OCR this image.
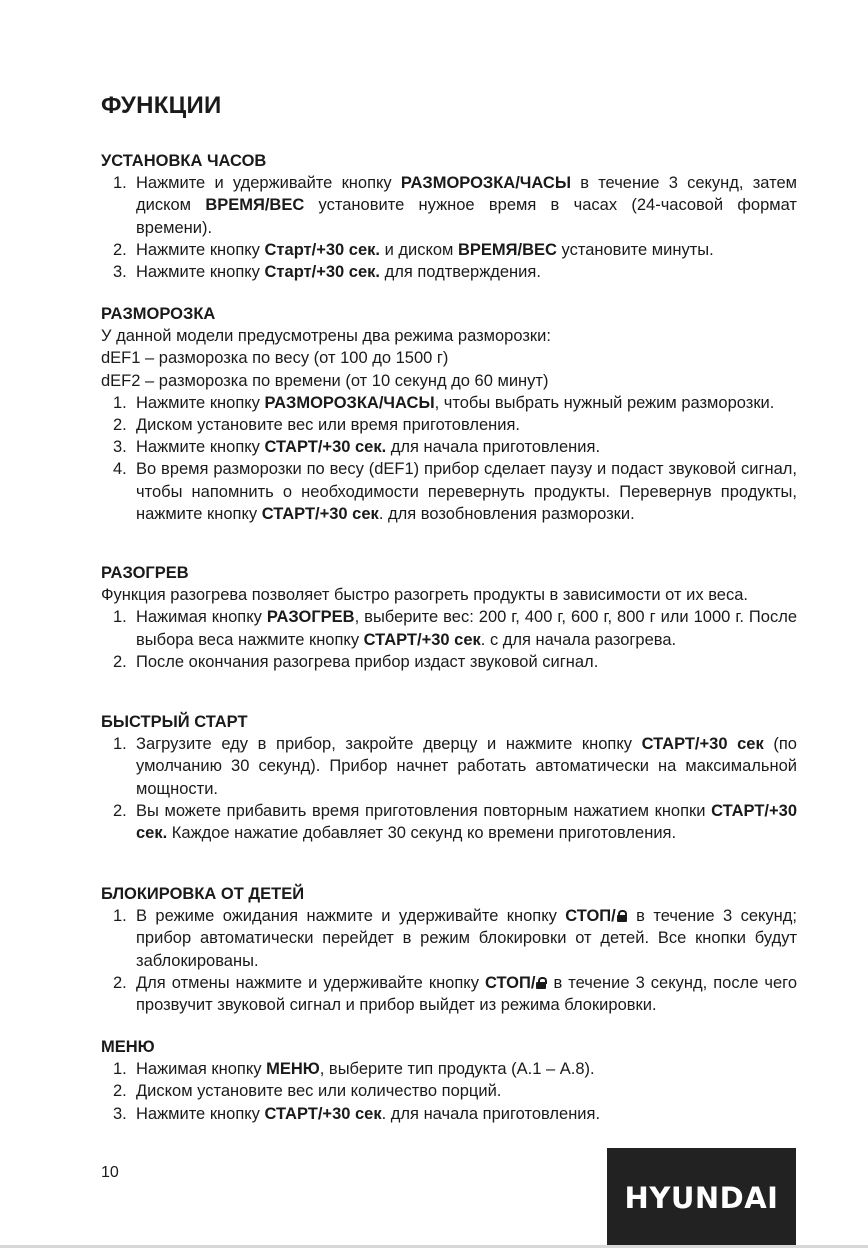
ФУНКЦИИ
УСТАНОВКА ЧАСОВ
1. Нажмите и удерживайте кнопку РАЗМОРОЗКА/ЧАСЫ в течение 3 секунд, затем диском ВРЕМЯ/ВЕС установите нужное время в часах (24-часовой формат времени).
2. Нажмите кнопку Старт/+30 сек. и диском ВРЕМЯ/ВЕС установите минуты.
3. Нажмите кнопку Старт/+30 сек. для подтверждения.
РАЗМОРОЗКА

У данной модели предусмотрены два режима разморозки:

dEF1 – разморозка по весу (от 100 до 1500 г)

dEF2 – разморозка по времени (от 10 секунд до 60 минут)

1. Нажмите кнопку РАЗМОРОЗКА/ЧАСЫ, чтобы выбрать нужный режим разморозки.
2. Диском установите вес или время приготовления.
3. Нажмите кнопку СТАРТ/+30 сек. для начала приготовления.
4. Во время разморозки по весу (dEF1) прибор сделает паузу и подаст звуковой сигнал, чтобы напомнить о необходимости перевернуть продукты. Перевернув продукты, нажмите кнопку СТАРТ/+30 сек. для возобновления разморозки.
РАЗОГРЕВ

Функция разогрева позволяет быстро разогреть продукты в зависимости от их веса.

1. Нажимая кнопку РАЗОГРЕВ, выберите вес: 200 г, 400 г, 600 г, 800 г или 1000 г. После выбора веса нажмите кнопку СТАРТ/+30 сек. с для начала разогрева.
2. После окончания разогрева прибор издаст звуковой сигнал.
БЫСТРЫЙ СТАРТ
1. Загрузите еду в прибор, закройте дверцу и нажмите кнопку СТАРТ/+30 сек (по умолчанию 30 секунд). Прибор начнет работать автоматически на максимальной мощности.
2. Вы можете прибавить время приготовления повторным нажатием кнопки СТАРТ/+30 сек. Каждое нажатие добавляет 30 секунд ко времени приготовления.
БЛОКИРОВКА ОТ ДЕТЕЙ
1. В режиме ожидания нажмите и удерживайте кнопку СТОП/ в течение 3 секунд; прибор автоматически перейдет в режим блокировки от детей. Все кнопки будут заблокированы.
2. Для отмены нажмите и удерживайте кнопку СТОП/ в течение 3 секунд, после чего прозвучит звуковой сигнал и прибор выйдет из режима блокировки.
МЕНЮ
1. Нажимая кнопку МЕНЮ, выберите тип продукта (А.1 – А.8).
2. Диском установите вес или количество порций.
3. Нажмите кнопку СТАРТ/+30 сек. для начала приготовления.
10
HYUNDAI
